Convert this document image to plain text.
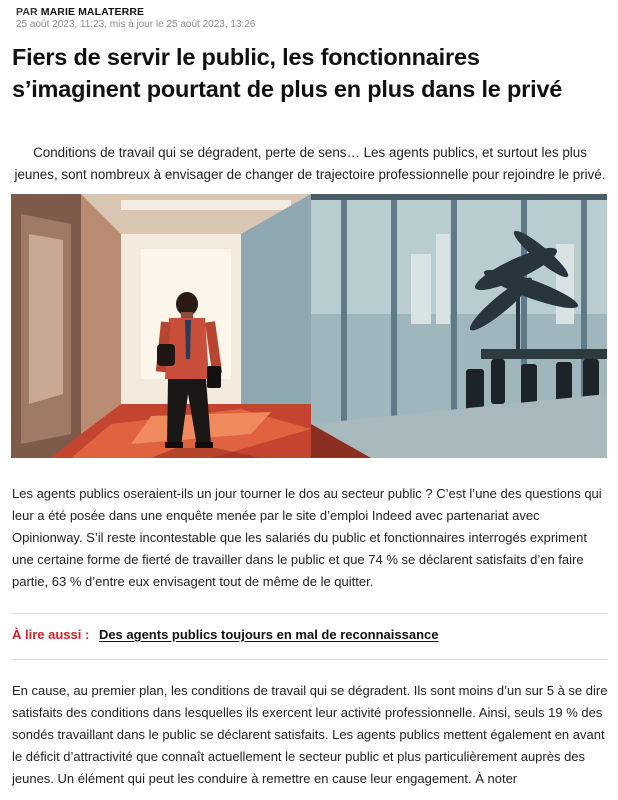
PAR MARIE MALATERRE
25 août 2023, 11:23, mis à jour le 25 août 2023, 13:26
Fiers de servir le public, les fonctionnaires s’imaginent pourtant de plus en plus dans le privé

Conditions de travail qui se dégradent, perte de sens… Les agents publics, et surtout les plus jeunes, sont nombreux à envisager de changer de trajectoire professionnelle pour rejoindre le privé.

Les agents publics oseraient-ils un jour tourner le dos au secteur public ? C’est l’une des questions qui leur a été posée dans une enquête menée par le site d’emploi Indeed avec partenariat avec Opinionway. S’il reste incontestable que les salariés du public et fonctionnaires interrogés expriment une certaine forme de fierté de travailler dans le public et que 74 % se déclarent satisfaits d’en faire partie, 63 % d’entre eux envisagent tout de même de le quitter.

À lire aussi : Des agents publics toujours en mal de reconnaissance

En cause, au premier plan, les conditions de travail qui se dégradent. Ils sont moins d’un sur 5 à se dire satisfaits des conditions dans lesquelles ils exercent leur activité professionnelle. Ainsi, seuls 19 % des sondés travaillant dans le public se déclarent satisfaits. Les agents publics mettent également en avant le déficit d’attractivité que connaît actuellement le secteur public et plus particulièrement auprès des jeunes. Un élément qui peut les conduire à remettre en cause leur engagement. À noter
